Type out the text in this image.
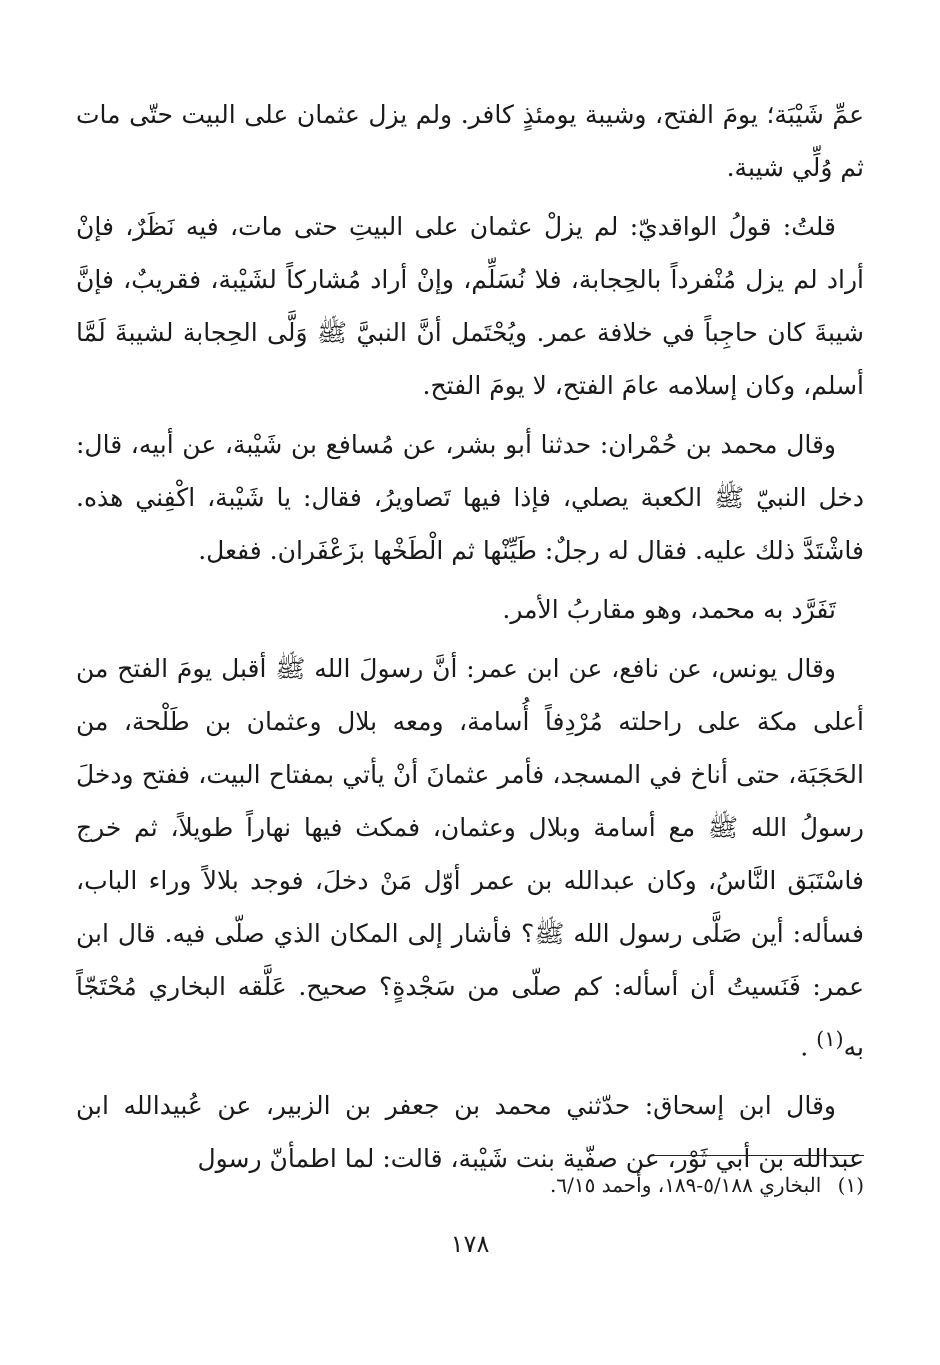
عمِّ شَيْبَة؛ يومَ الفتح، وشيبة يومئذٍ كافر. ولم يزل عثمان على البيت حتّى مات ثم وُلِّي شيبة.

قلتُ: قولُ الواقديّ: لم يزلْ عثمان على البيتِ حتى مات، فيه نَظَرٌ، فإنْ أراد لم يزل مُنْفرداً بالحِجابة، فلا نُسَلِّم، وإنْ أراد مُشاركاً لشَيْبة، فقريبٌ، فإنَّ شيبةَ كان حاجِباً في خلافة عمر. ويُحْتَمل أنَّ النبيَّ ﷺ وَلَّى الحِجابة لشيبةَ لَمَّا أسلم، وكان إسلامه عامَ الفتح، لا يومَ الفتح.

وقال محمد بن حُمْران: حدثنا أبو بشر، عن مُسافع بن شَيْبة، عن أبيه، قال: دخل النبيّ ﷺ الكعبة يصلي، فإذا فيها تَصاويرُ، فقال: يا شَيْبة، اكْفِني هذه. فاشْتَدَّ ذلك عليه. فقال له رجلٌ: طَيِّنْها ثم الْطَخْها بزَعْفَران. ففعل.

تَفَرَّد به محمد، وهو مقاربُ الأمر.

وقال يونس، عن نافع، عن ابن عمر: أنَّ رسولَ الله ﷺ أقبل يومَ الفتح من أعلى مكة على راحلته مُرْدِفاً أُسامة، ومعه بلال وعثمان بن طَلْحة، من الحَجَبَة، حتى أناخ في المسجد، فأمر عثمانَ أنْ يأتي بمفتاح البيت، ففتح ودخلَ رسولُ الله ﷺ مع أسامة وبلال وعثمان، فمكث فيها نهاراً طويلاً، ثم خرج فاسْتَبَق النَّاسُ، وكان عبدالله بن عمر أوّل مَنْ دخلَ، فوجد بلالاً وراء الباب، فسأله: أين صَلَّى رسول الله ﷺ؟ فأشار إلى المكان الذي صلّى فيه. قال ابن عمر: فَنَسيتُ أن أسأله: كم صلّى من سَجْدةٍ؟ صحيح. عَلَّقه البخاري مُحْتَجّاً به$^{(١)}$ .

وقال ابن إسحاق: حدّثني محمد بن جعفر بن الزبير، عن عُبيدالله ابن عبدالله بن أبي ثَوْر، عن صفّية بنت شَيْبة، قالت: لما اطمأنّ رسول

(١) البخاري ٥/١٨٨-١٨٩، وأحمد ٦/١٥.
١٧٨
